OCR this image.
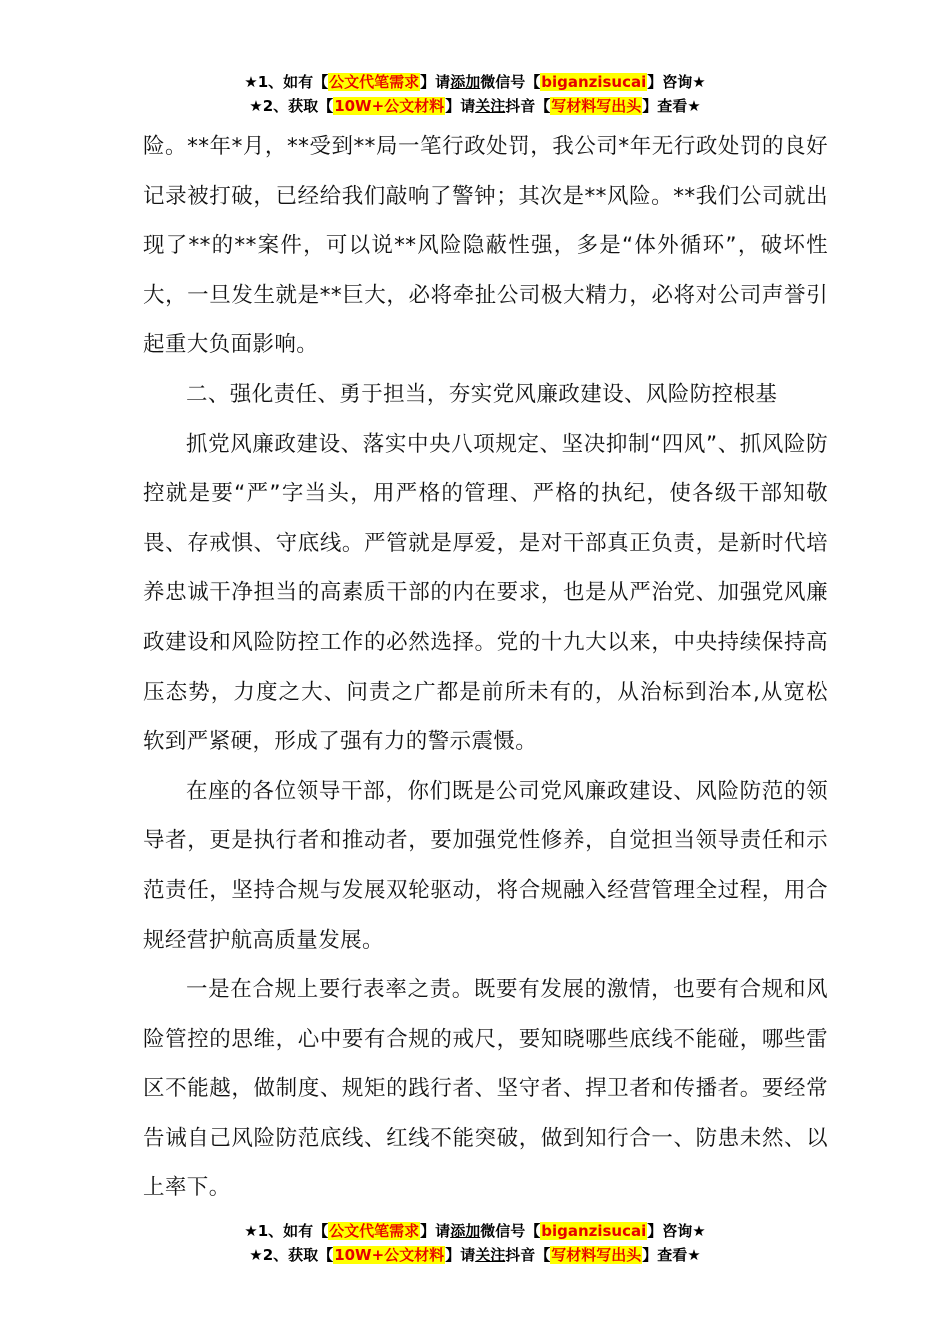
★1、如有【公文代笔需求】请添加微信号【biganzisucai】咨询★
★2、获取【10W+公文材料】请关注抖音【写材料写出头】查看★

险。**年*月，**受到**局一笔行政处罚，我公司*年无行政处罚的良好记录被打破，已经给我们敲响了警钟；其次是**风险。**我们公司就出现了**的**案件，可以说**风险隐蔽性强，多是“体外循环”，破坏性大，一旦发生就是**巨大，必将牵扯公司极大精力，必将对公司声誉引起重大负面影响。

二、强化责任、勇于担当，夯实党风廉政建设、风险防控根基

抓党风廉政建设、落实中央八项规定、坚决抑制“四风”、抓风险防控就是要“严”字当头，用严格的管理、严格的执纪，使各级干部知敬畏、存戒惧、守底线。严管就是厚爱，是对干部真正负责，是新时代培养忠诚干净担当的高素质干部的内在要求，也是从严治党、加强党风廉政建设和风险防控工作的必然选择。党的十九大以来，中央持续保持高压态势，力度之大、问责之广都是前所未有的，从治标到治本,从宽松软到严紧硬，形成了强有力的警示震慑。

在座的各位领导干部，你们既是公司党风廉政建设、风险防范的领导者，更是执行者和推动者，要加强党性修养，自觉担当领导责任和示范责任，坚持合规与发展双轮驱动，将合规融入经营管理全过程，用合规经营护航高质量发展。

一是在合规上要行表率之责。既要有发展的激情，也要有合规和风险管控的思维，心中要有合规的戒尺，要知晓哪些底线不能碰，哪些雷区不能越，做制度、规矩的践行者、坚守者、捍卫者和传播者。要经常告诫自己风险防范底线、红线不能突破，做到知行合一、防患未然、以上率下。

★1、如有【公文代笔需求】请添加微信号【biganzisucai】咨询★
★2、获取【10W+公文材料】请关注抖音【写材料写出头】查看★
